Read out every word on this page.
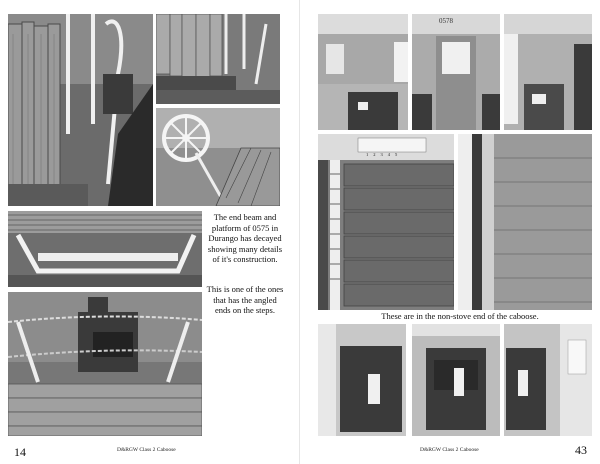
The end beam and
platform of 0575 in
Durango has decayed
showing many details
of it's construction.
This is one of the ones
that has the angled
ends on the steps.
14	D&RGW Class 2 Caboose
0578
1 2 3 4 5
These are in the non-stove end of the caboose.
D&RGW Class 2 Caboose	43
